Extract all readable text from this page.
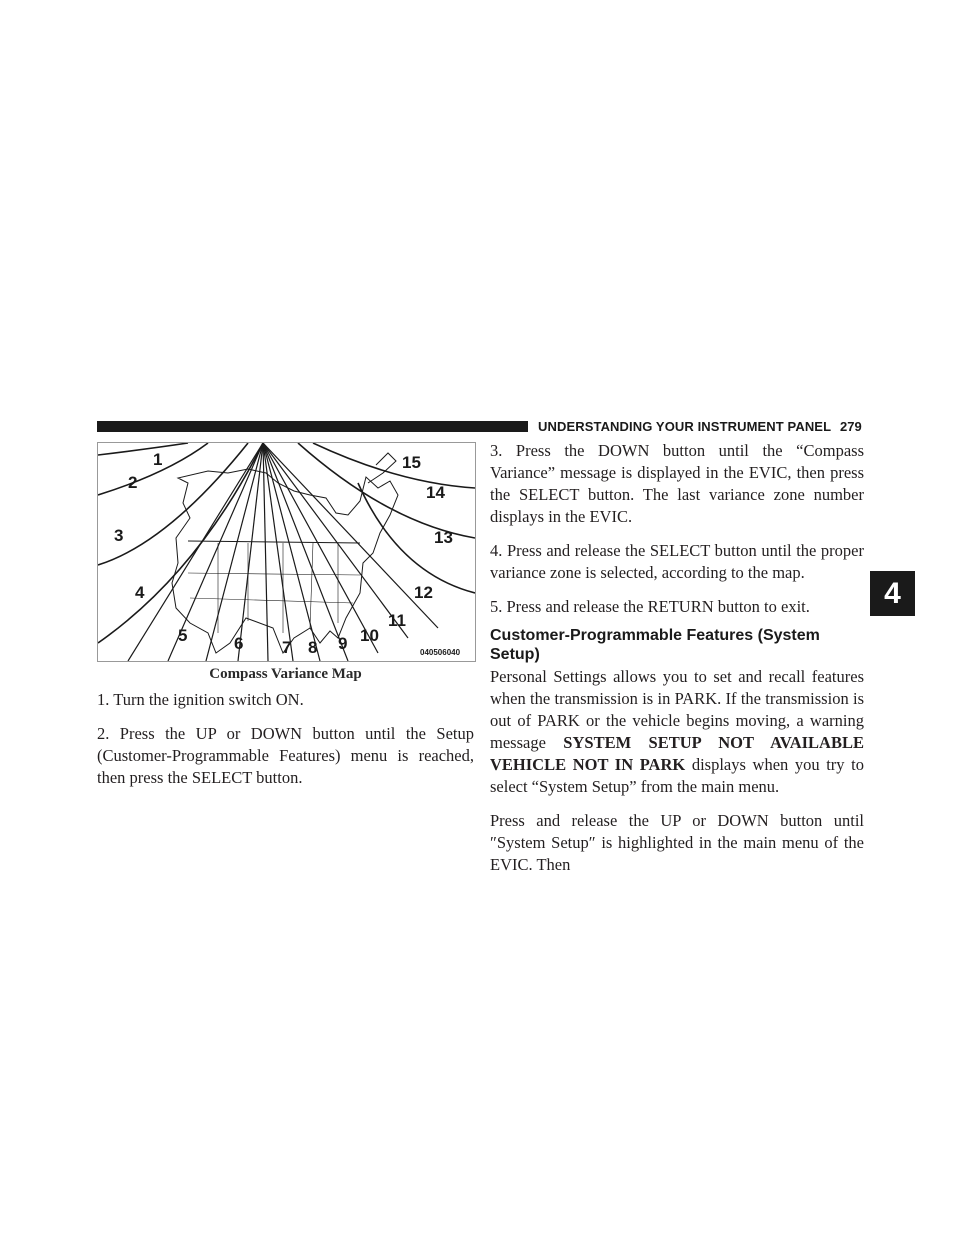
UNDERSTANDING YOUR INSTRUMENT PANEL 279
4
1
2
3
4
5	6 7 8 9 10
11
12
13
14
15
040506040
Compass Variance Map

1. Turn the ignition switch ON.

2. Press the UP or DOWN button until the Setup (Customer-Programmable Features) menu is reached, then press the SELECT button.

3. Press the DOWN button until the “Compass Variance” message is displayed in the EVIC, then press the SELECT button. The last variance zone number displays in the EVIC.

4. Press and release the SELECT button until the proper variance zone is selected, according to the map.

5. Press and release the RETURN button to exit.

Customer-Programmable Features (System Setup)

Personal Settings allows you to set and recall features when the transmission is in PARK. If the transmission is out of PARK or the vehicle begins moving, a warning message SYSTEM SETUP NOT AVAILABLE VEHICLE NOT IN PARK displays when you try to select “System Setup” from the main menu.

Press and release the UP or DOWN button until ″System Setup″ is highlighted in the main menu of the EVIC. Then
